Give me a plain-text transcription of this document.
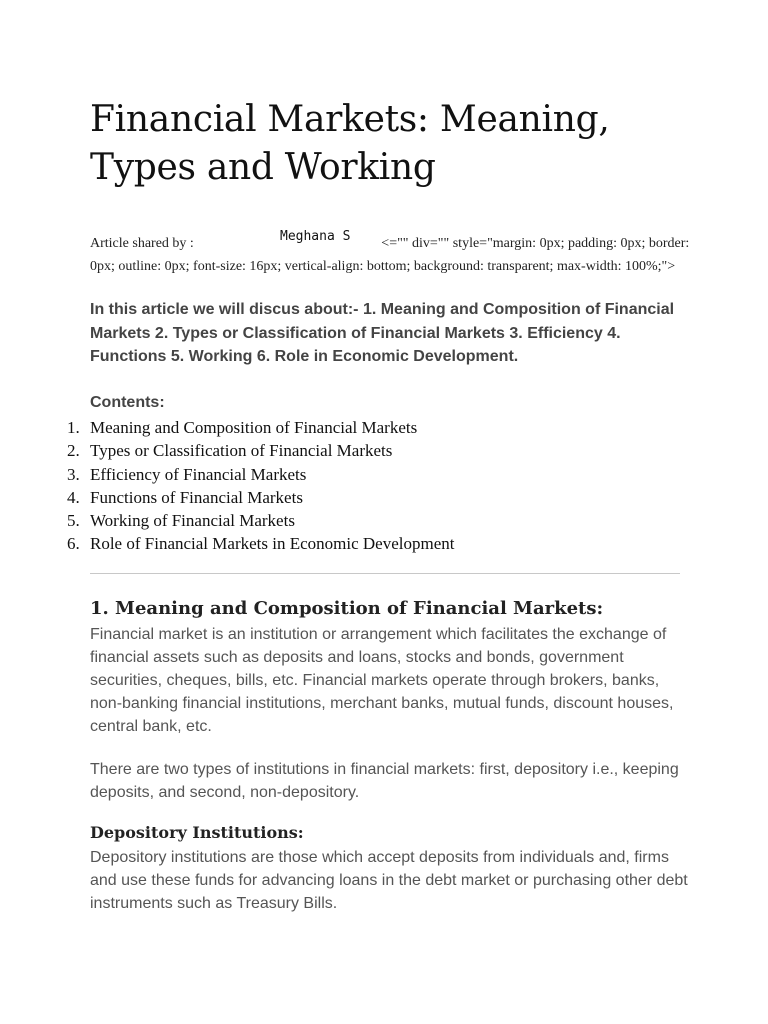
Financial Markets: Meaning, Types and Working
Article shared by :	<="" div="" style="margin: 0px; padding: 0px; border: 0px; outline: 0px; font-size: 16px; vertical-align: bottom; background: transparent; max-width: 100%;">
Meghana S
In this article we will discus about:- 1. Meaning and Composition of Financial Markets 2. Types or Classification of Financial Markets 3. Efficiency 4. Functions 5. Working 6. Role in Economic Development.
Contents:
1. Meaning and Composition of Financial Markets
2. Types or Classification of Financial Markets
3. Efficiency of Financial Markets
4. Functions of Financial Markets
5. Working of Financial Markets
6. Role of Financial Markets in Economic Development
1. Meaning and Composition of Financial Markets:

Financial market is an institution or arrangement which facilitates the exchange of financial assets such as deposits and loans, stocks and bonds, government securities, cheques, bills, etc. Financial markets operate through brokers, banks, non-banking financial institutions, merchant banks, mutual funds, discount houses, central bank, etc.

There are two types of institutions in financial markets: first, depository i.e., keeping deposits, and second, non-depository.

Depository Institutions:

Depository institutions are those which accept deposits from individuals and, firms and use these funds for advancing loans in the debt market or purchasing other debt instruments such as Treasury Bills.
